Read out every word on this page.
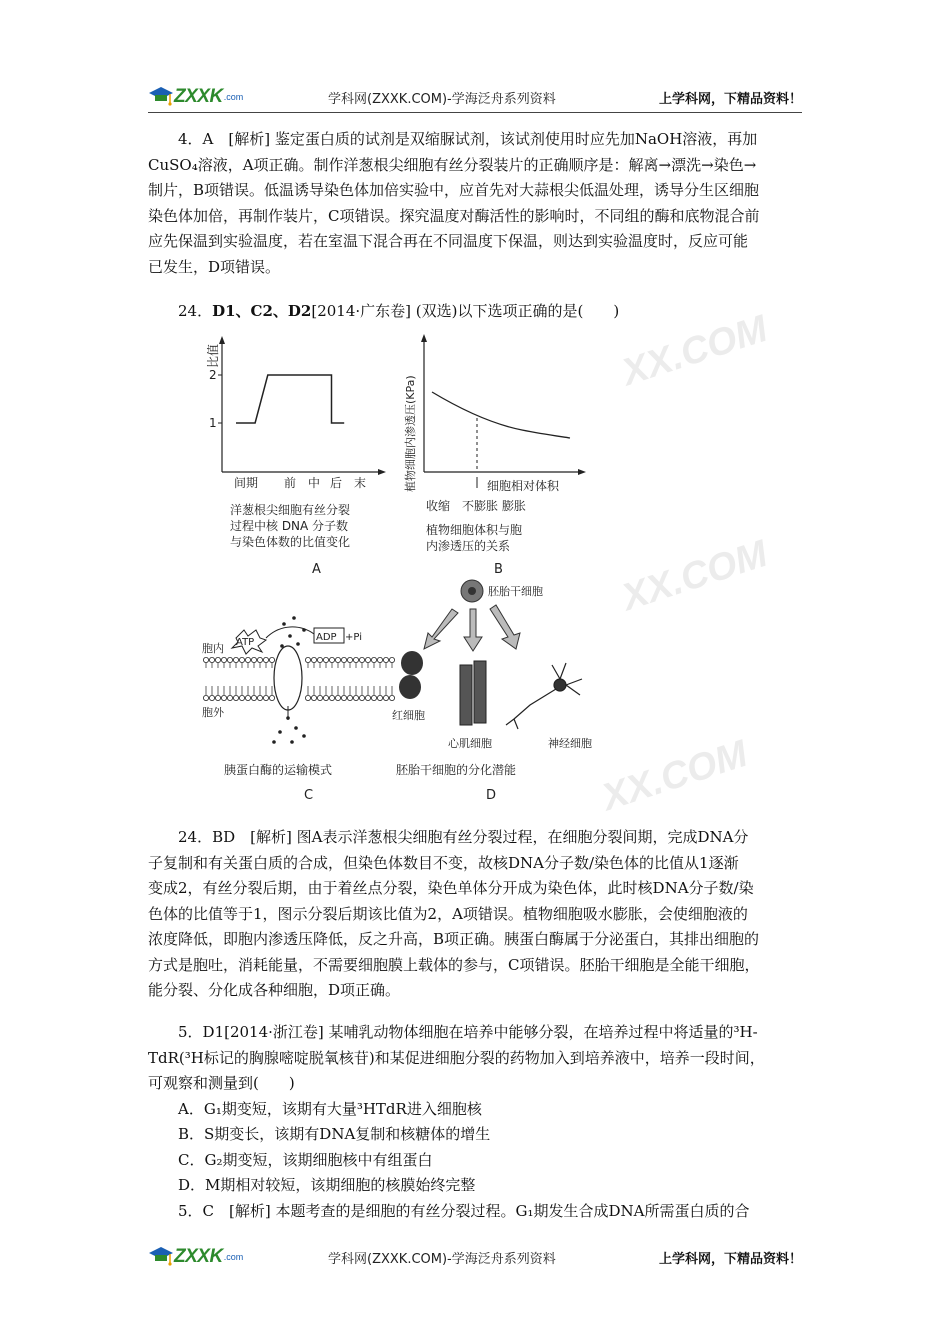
ZXXK .com	学科网(ZXXK.COM)-学海泛舟系列资料	上学科网，下精品资料！
XX.COM
XX.COM
XX.COM
4．A　[解析] 鉴定蛋白质的试剂是双缩脲试剂，该试剂使用时应先加NaOH溶液，再加
CuSO₄溶液，A项正确。制作洋葱根尖细胞有丝分裂装片的正确顺序是：解离→漂洗→染色→
制片，B项错误。低温诱导染色体加倍实验中，应首先对大蒜根尖低温处理，诱导分生区细胞
染色体加倍，再制作装片，C项错误。探究温度对酶活性的影响时，不同组的酶和底物混合前
应先保温到实验温度，若在室温下混合再在不同温度下保温，则达到实验温度时，反应可能
已发生，D项错误。
24．D1、C2、D2[2014·广东卷] (双选)以下选项正确的是(　　)
比值
2
1
间期 前 中 后 末
洋葱根尖细胞有丝分裂
过程中核 DNA 分子数
与染色体数的比值变化
A
植物细胞内渗透压(KPa)	细胞相对体积
收缩　不膨胀 膨胀
植物细胞体积与胞
内渗透压的关系
B
ATP	ADP +Pi
胞内
胞外
胰蛋白酶的运输模式
C
胚胎干细胞
红细胞
心肌细胞	神经细胞
胚胎干细胞的分化潜能
D
24．BD　[解析] 图A表示洋葱根尖细胞有丝分裂过程，在细胞分裂间期，完成DNA分
子复制和有关蛋白质的合成，但染色体数目不变，故核DNA分子数/染色体的比值从1逐渐
变成2，有丝分裂后期，由于着丝点分裂，染色单体分开成为染色体，此时核DNA分子数/染
色体的比值等于1，图示分裂后期该比值为2，A项错误。植物细胞吸水膨胀，会使细胞液的
浓度降低，即胞内渗透压降低，反之升高，B项正确。胰蛋白酶属于分泌蛋白，其排出细胞的
方式是胞吐，消耗能量，不需要细胞膜上载体的参与，C项错误。胚胎干细胞是全能干细胞，
能分裂、分化成各种细胞，D项正确。
5．D1[2014·浙江卷] 某哺乳动物体细胞在培养中能够分裂，在培养过程中将适量的³H-
TdR(³H标记的胸腺嘧啶脱氧核苷)和某促进细胞分裂的药物加入到培养液中，培养一段时间，
可观察和测量到(　　)
A．G₁期变短，该期有大量³HTdR进入细胞核
B．S期变长，该期有DNA复制和核糖体的增生
C．G₂期变短，该期细胞核中有组蛋白
D．M期相对较短，该期细胞的核膜始终完整
5．C　[解析] 本题考查的是细胞的有丝分裂过程。G₁期发生合成DNA所需蛋白质的合
ZXXK .com	学科网(ZXXK.COM)-学海泛舟系列资料	上学科网，下精品资料！
